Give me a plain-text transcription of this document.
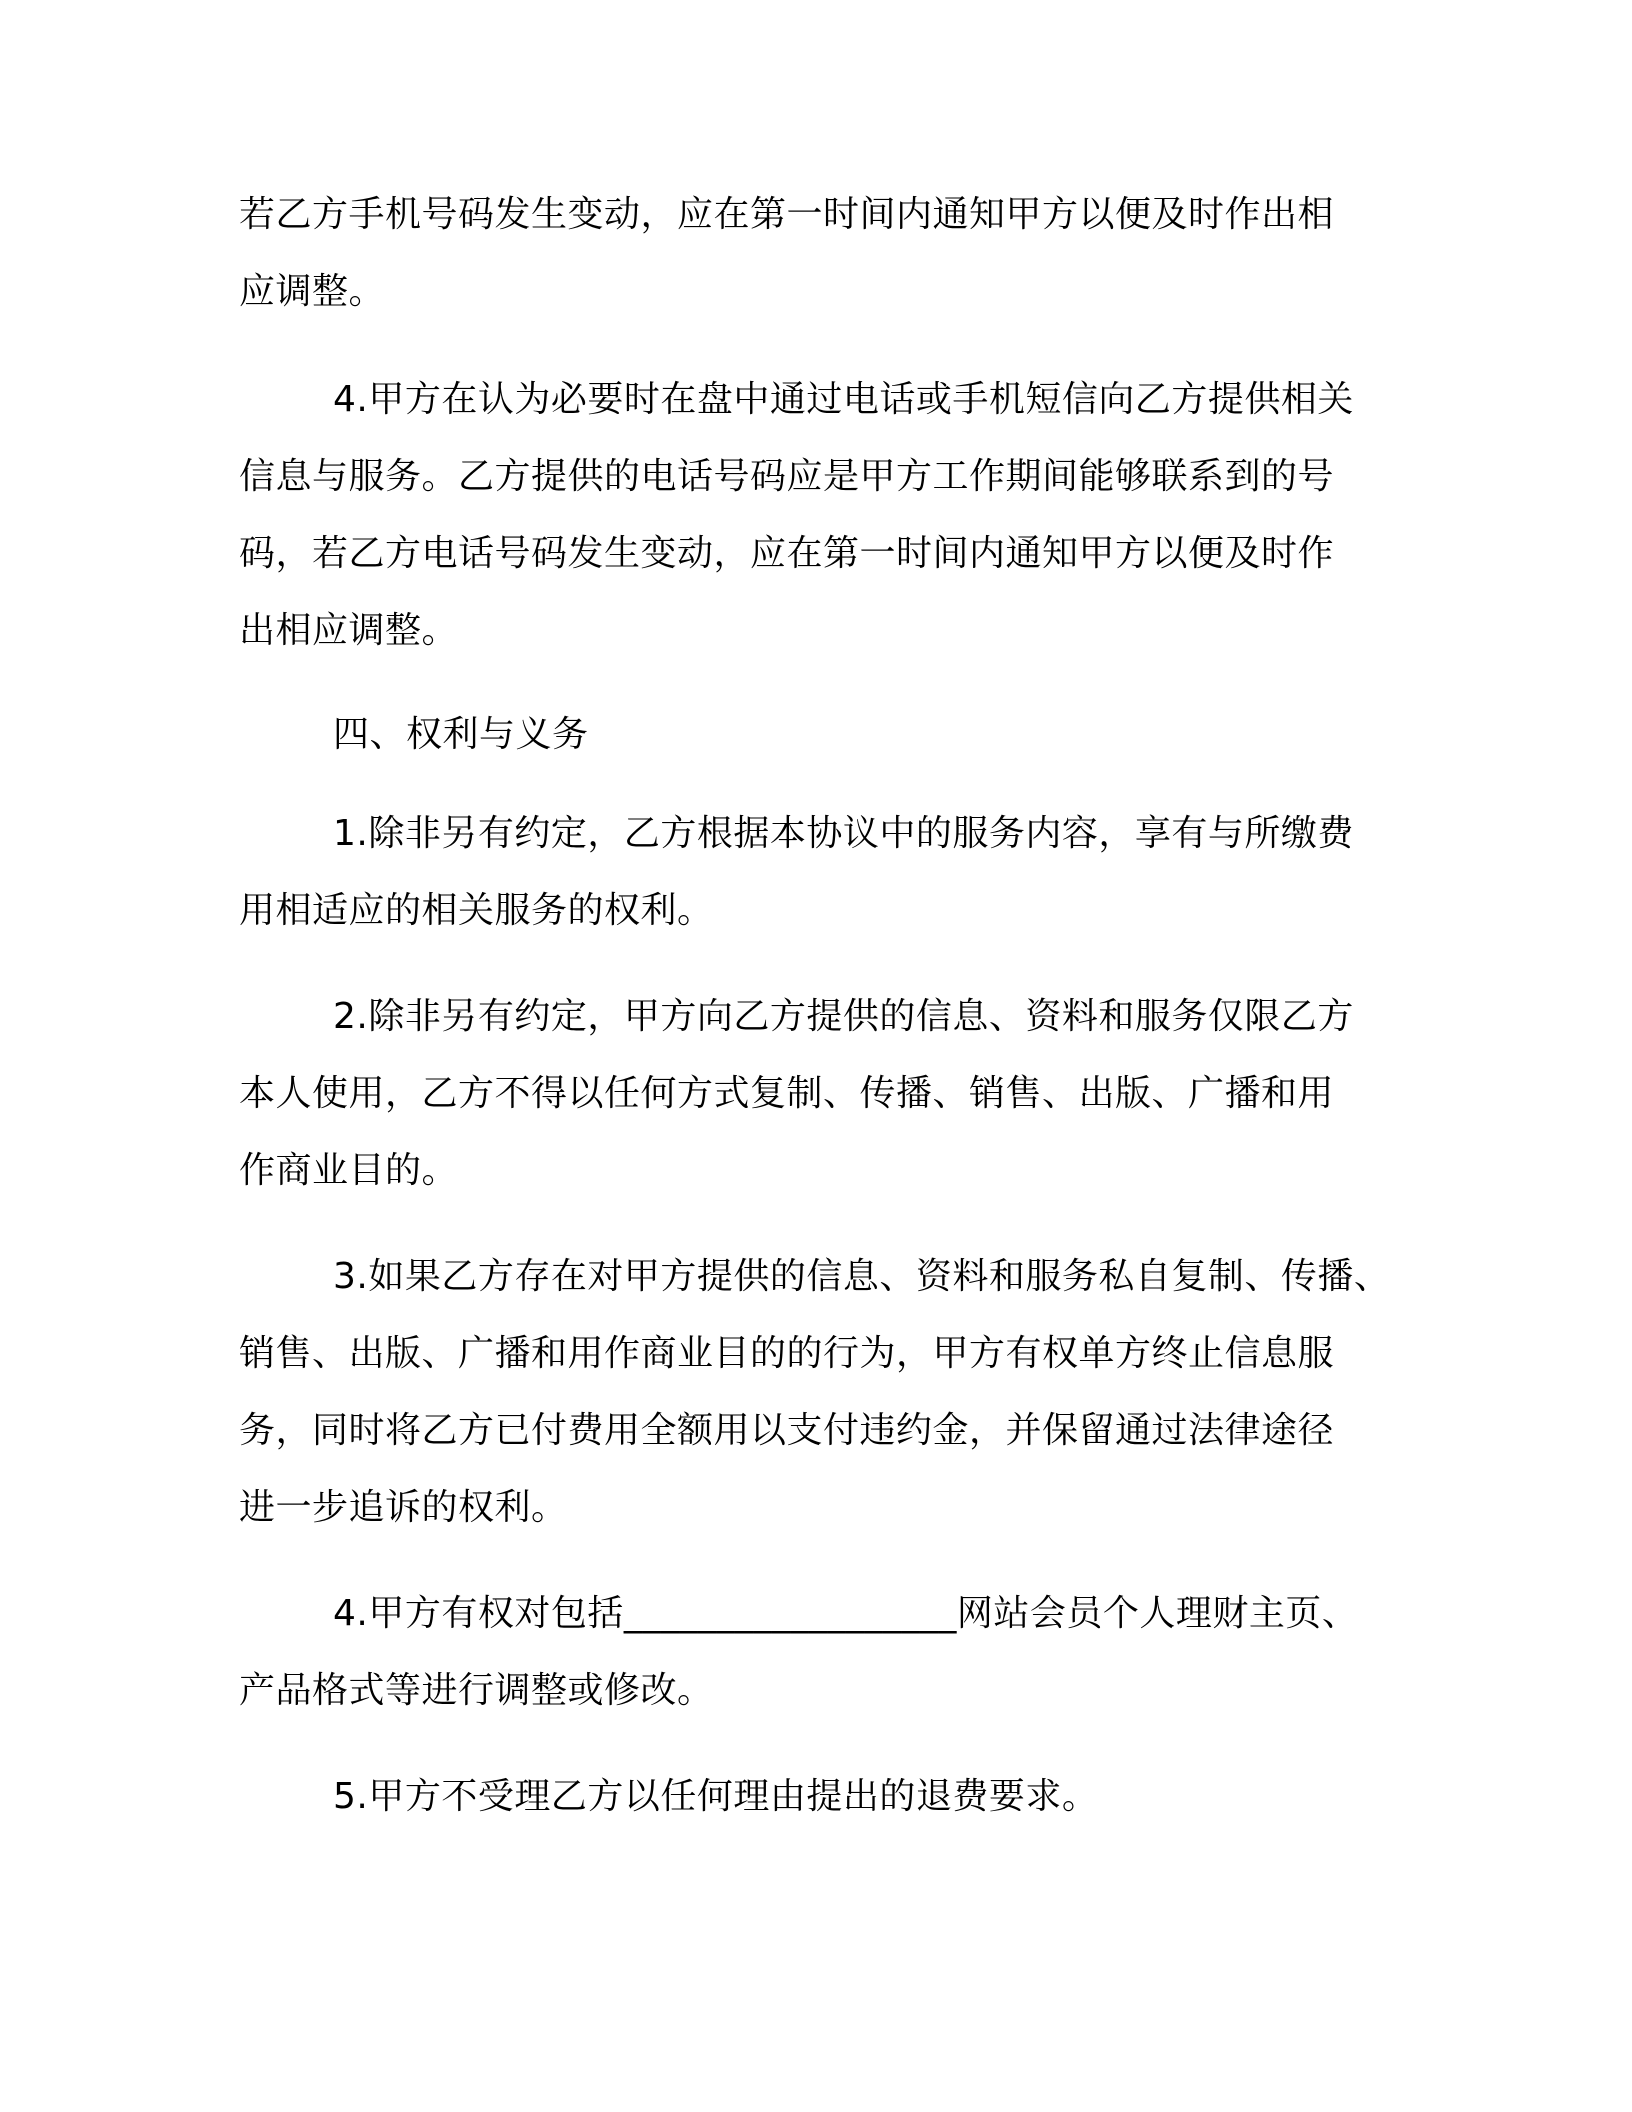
若乙方手机号码发生变动，应在第一时间内通知甲方以便及时作出相
应调整。
4.甲方在认为必要时在盘中通过电话或手机短信向乙方提供相关
信息与服务。乙方提供的电话号码应是甲方工作期间能够联系到的号
码，若乙方电话号码发生变动，应在第一时间内通知甲方以便及时作
出相应调整。
四、权利与义务
1.除非另有约定，乙方根据本协议中的服务内容，享有与所缴费
用相适应的相关服务的权利。
2.除非另有约定，甲方向乙方提供的信息、资料和服务仅限乙方
本人使用，乙方不得以任何方式复制、传播、销售、出版、广播和用
作商业目的。
3.如果乙方存在对甲方提供的信息、资料和服务私自复制、传播、
销售、出版、广播和用作商业目的的行为，甲方有权单方终止信息服
务，同时将乙方已付费用全额用以支付违约金，并保留通过法律途径
进一步追诉的权利。
4.甲方有权对包括__________________网站会员个人理财主页、
产品格式等进行调整或修改。
5.甲方不受理乙方以任何理由提出的退费要求。
